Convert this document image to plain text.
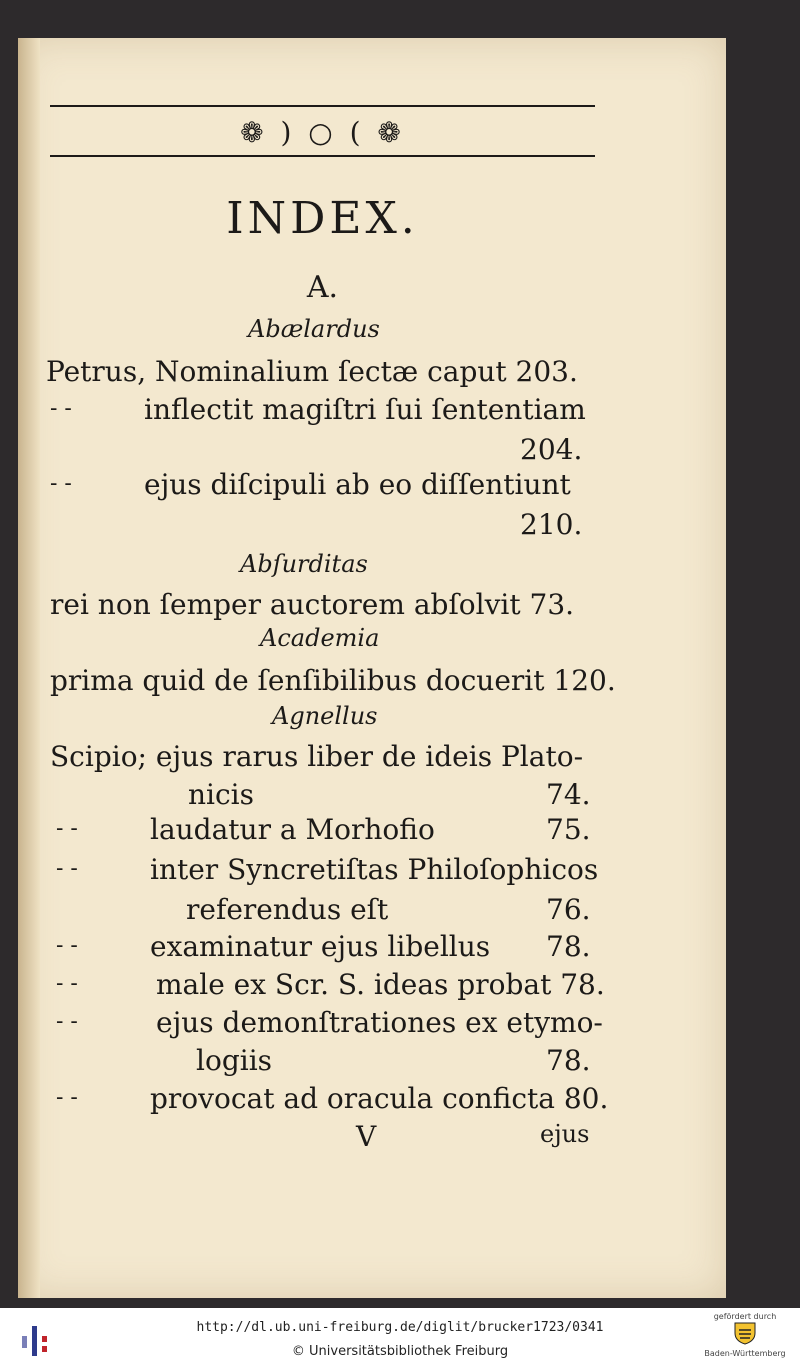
❁ ) ○ ( ❁
INDEX.
A.
Abælardus
Petrus, Nominalium ſectæ caput 203.
- -	inflectit magiſtri ſui ſententiam
204.
- -	ejus diſcipuli ab eo diſſentiunt
210.
Abſurditas
rei non ſemper auctorem abſolvit 73.
Academia
prima quid de ſenſibilibus docuerit 120.
Agnellus
Scipio; ejus rarus liber de ideis Plato-
nicis	74.
- -	laudatur a Morhofio	75.
- -	inter Syncretiſtas Philoſophicos
referendus eſt	76.
- -	examinatur ejus libellus 78.
- -	male ex Scr. S. ideas probat 78.
- -	ejus demonſtrationes ex etymo-
logiis	78.
- -	provocat ad oracula conficta 80.
V	ejus
http://dl.ub.uni-freiburg.de/diglit/brucker1723/0341
© Universitätsbibliothek Freiburg
gefördert durch
Baden-Württemberg
